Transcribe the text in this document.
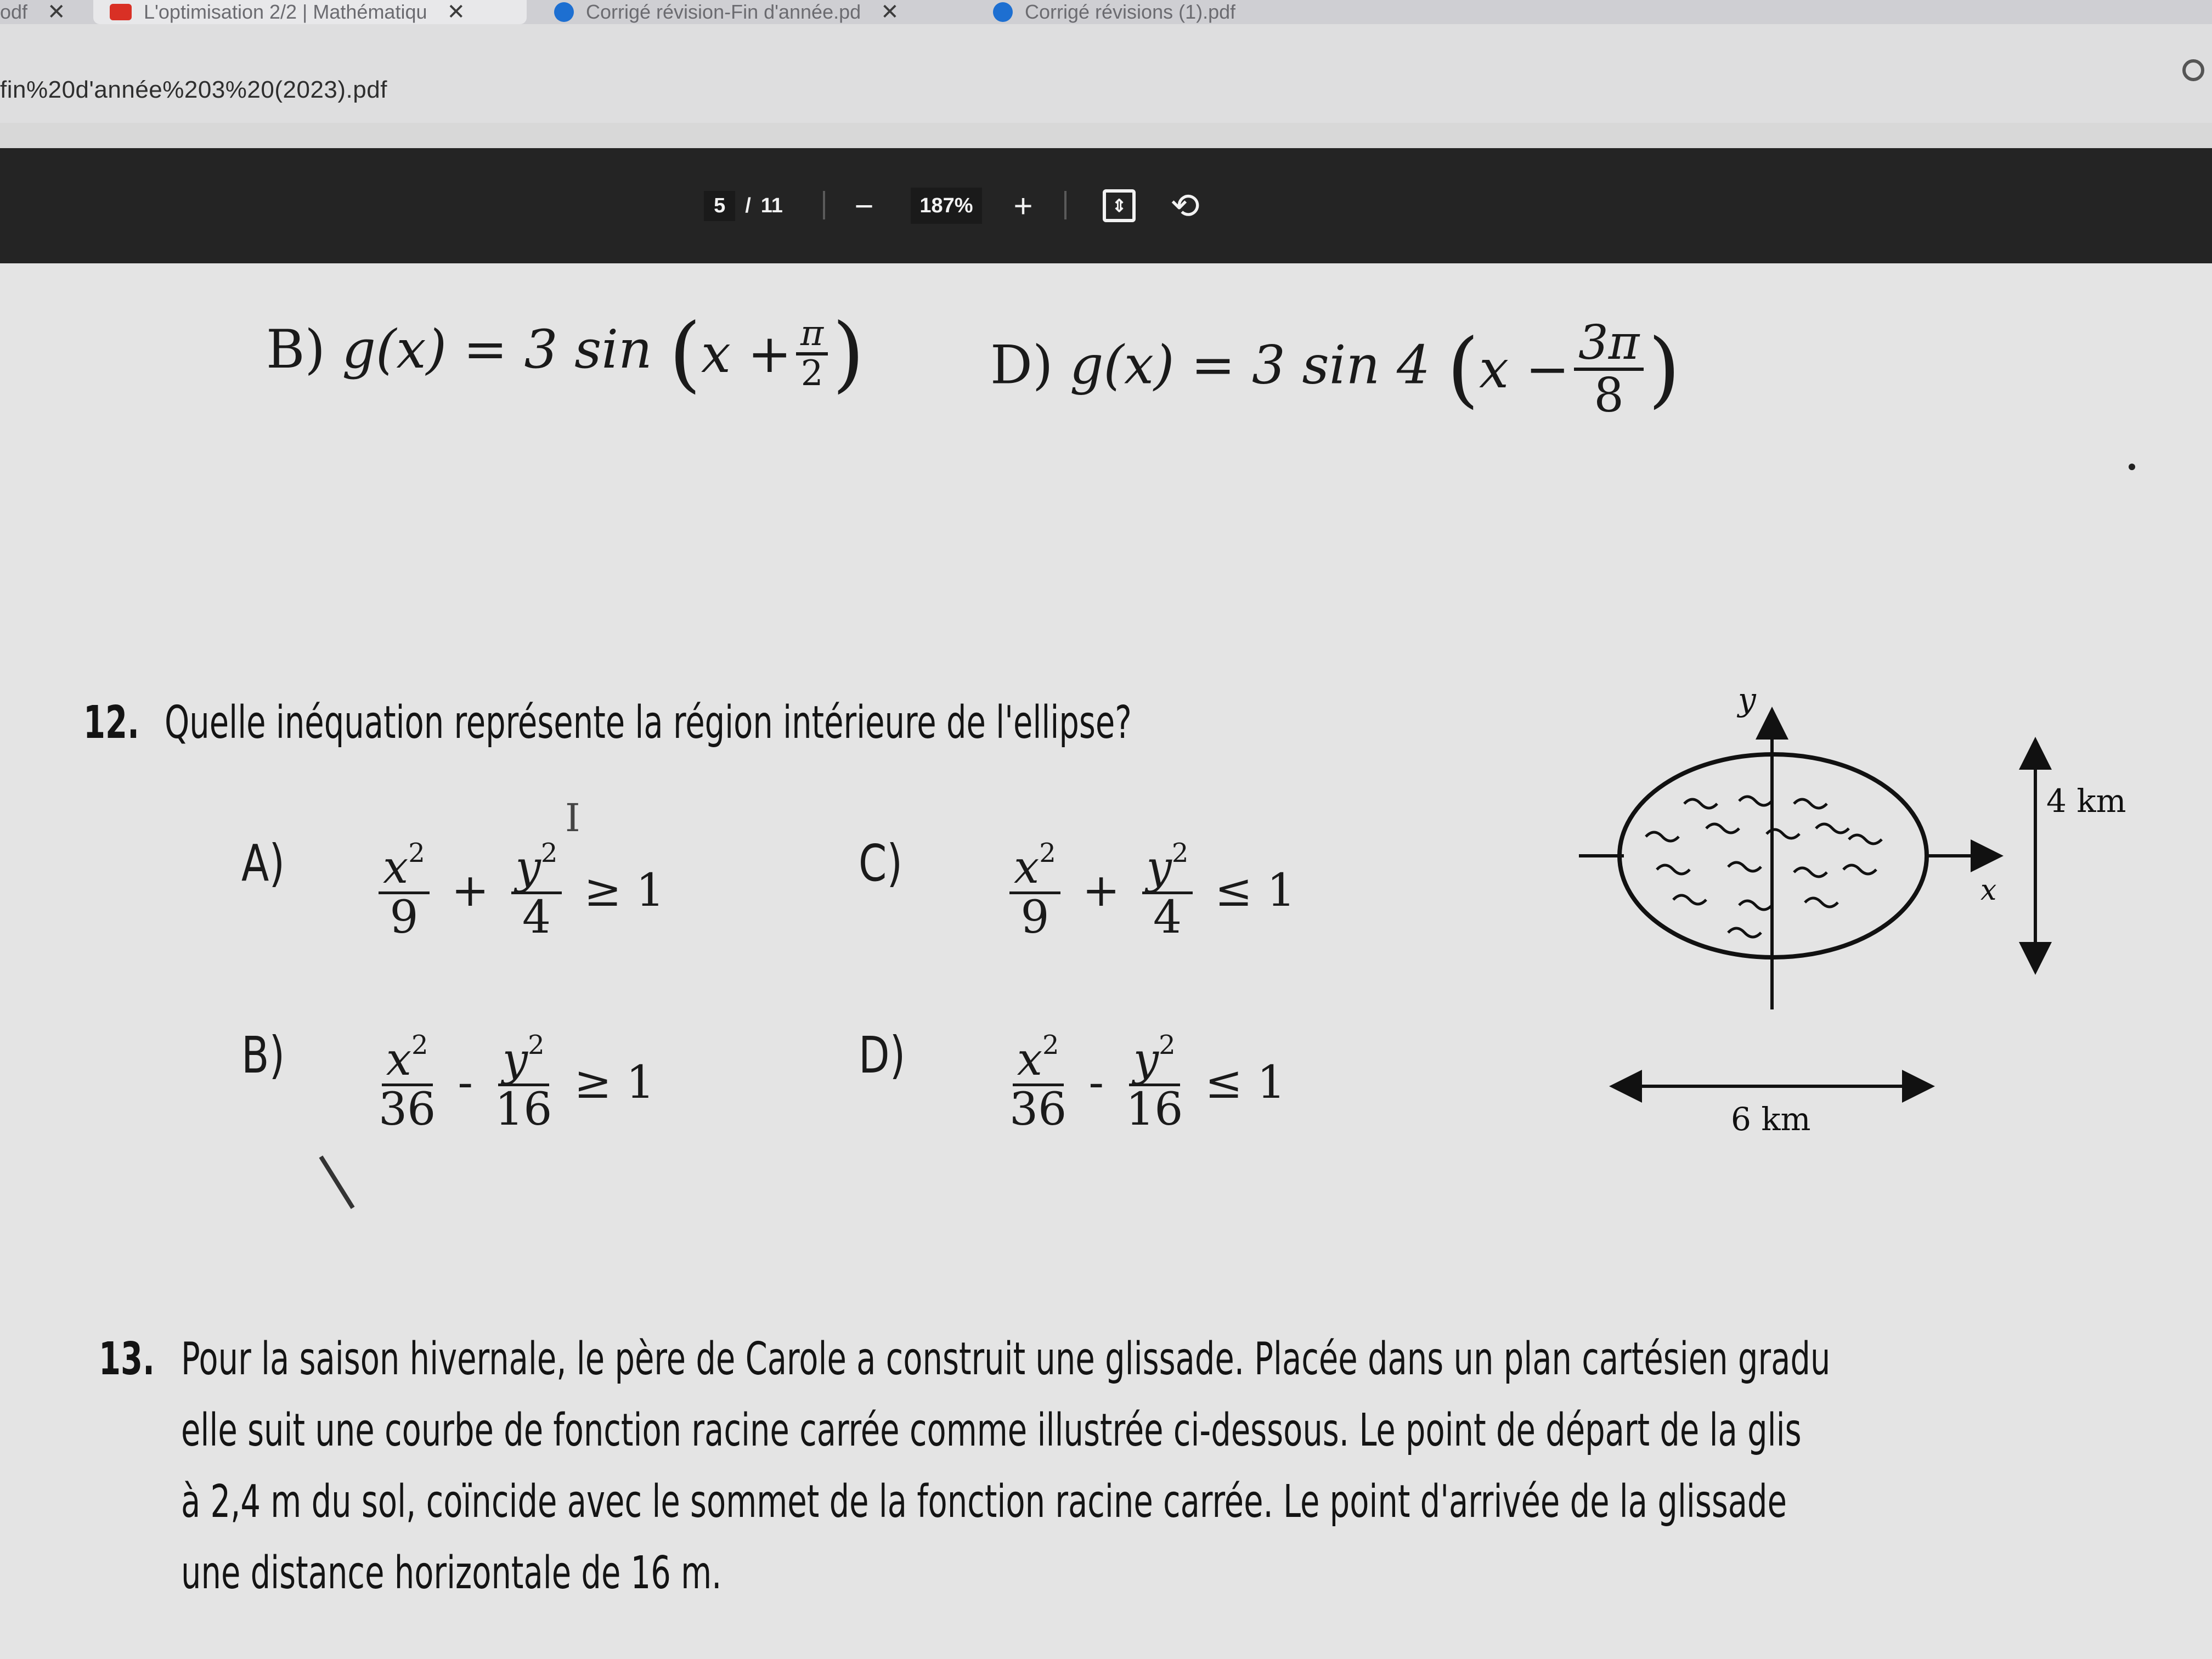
odf ✕	L'optimisation 2/2 | Mathématiqu ✕	Corrigé révision-Fin d'année.pd ✕	Corrigé révisions (1).pdf
fin%20d'année%203%20(2023).pdf
5 / 11 −	187% +	⇕ ⟲
B) g(x) = 3 sin ( $x + \frac{\pi}{2}$ ) D) g(x) = 3 sin 4 ( $x - \frac{3\pi}{8}$ )
12. Quelle inéquation représente la région intérieure de l'ellipse?
I
A)
B)
C)
D)
$\frac{x^2}{9} + \frac{y^2}{4} \ge 1$
$\frac{x^2}{36} - \frac{y^2}{16} \ge 1$
$\frac{x^2}{9} + \frac{y^2}{4} \le 1$
$\frac{x^2}{36} - \frac{y^2}{16} \le 1$
y
x
4 km
6 km
13. Pour la saison hivernale, le père de Carole a construit une glissade. Placée dans un plan cartésien gradu
elle suit une courbe de fonction racine carrée comme illustrée ci-dessous. Le point de départ de la glis
à 2,4 m du sol, coïncide avec le sommet de la fonction racine carrée. Le point d'arrivée de la glissade
une distance horizontale de 16 m.
